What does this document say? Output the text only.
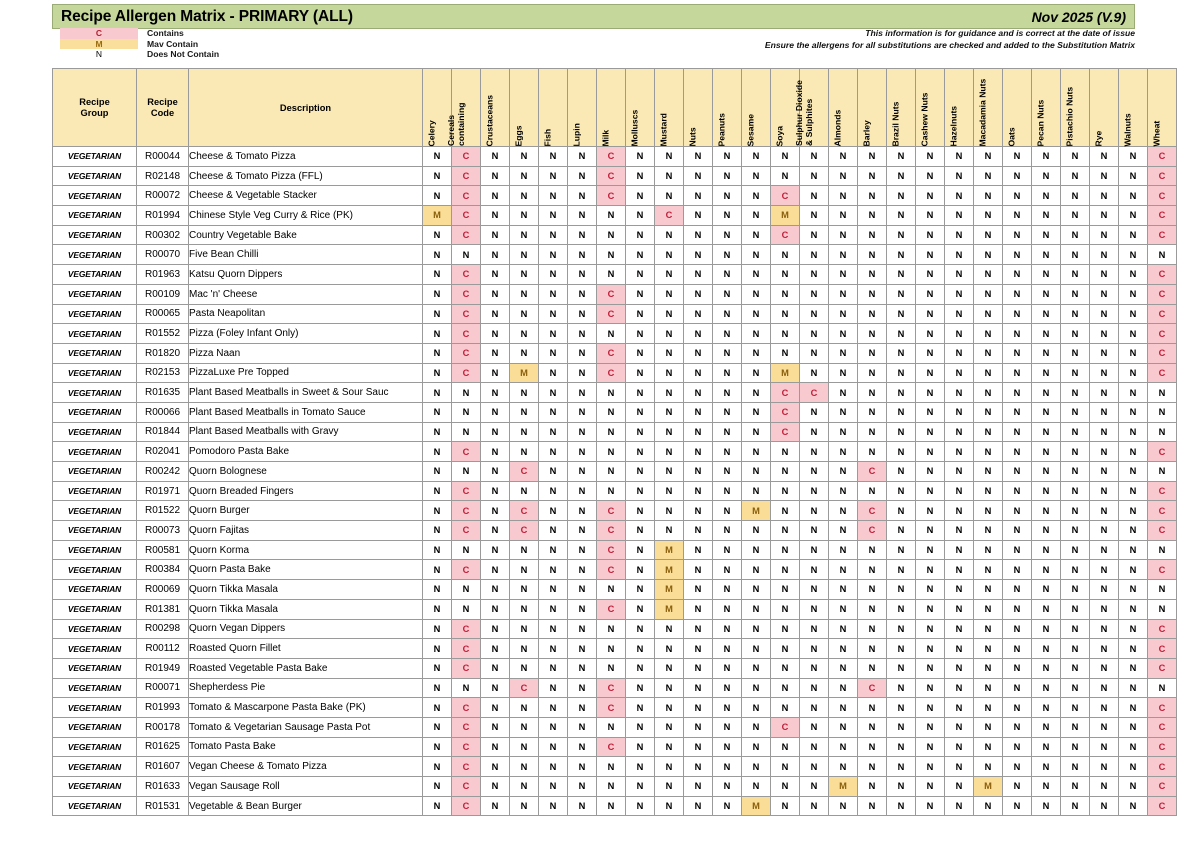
Recipe Allergen Matrix - PRIMARY (ALL)	Nov 2025 (V.9)
C	Contains
M	Mav Contain
N	Does Not Contain
This information is for guidance and is correct at the date of issue
Ensure the allergens for all substitutions are checked and added to the Substitution Matrix
Recipe
Group

Recipe
Code	Description	
Celery	Cereals containing	Crustaceans	Eggs	Fish	Lupin	Milk	Molluscs	Mustard	Nuts	Peanuts	Sesame	Soya	Sulphur Dioxide & Sulphites	Almonds	Barley	Brazil Nuts	Cashew Nuts	Hazelnuts	Macadamia Nuts	Oats	Pecan Nuts	Pistachio Nuts	Rye	Walnuts	Wheat

VEGETARIAN	R00044	Cheese & Tomato Pizza	N	C	N	N	N	N	C	N	N	N	N	N	N	N	N	N	N	N	N	N	N	N	N	N	N	C
VEGETARIAN	R02148	Cheese & Tomato Pizza (FFL)	N	C	N	N	N	N	C	N	N	N	N	N	N	N	N	N	N	N	N	N	N	N	N	N	N	C
VEGETARIAN	R00072	Cheese & Vegetable Stacker	N	C	N	N	N	N	C	N	N	N	N	N	C	N	N	N	N	N	N	N	N	N	N	N	N	C
VEGETARIAN	R01994	Chinese Style Veg Curry & Rice (PK)	M	C	N	N	N	N	N	N	C	N	N	N	M	N	N	N	N	N	N	N	N	N	N	N	N	C
VEGETARIAN	R00302	Country Vegetable Bake	N	C	N	N	N	N	N	N	N	N	N	N	C	N	N	N	N	N	N	N	N	N	N	N	N	C
VEGETARIAN	R00070	Five Bean Chilli	N	N	N	N	N	N	N	N	N	N	N	N	N	N	N	N	N	N	N	N	N	N	N	N	N	N
VEGETARIAN	R01963	Katsu Quorn Dippers	N	C	N	N	N	N	N	N	N	N	N	N	N	N	N	N	N	N	N	N	N	N	N	N	N	C
VEGETARIAN	R00109	Mac 'n' Cheese	N	C	N	N	N	N	C	N	N	N	N	N	N	N	N	N	N	N	N	N	N	N	N	N	N	C
VEGETARIAN	R00065	Pasta Neapolitan	N	C	N	N	N	N	C	N	N	N	N	N	N	N	N	N	N	N	N	N	N	N	N	N	N	C
VEGETARIAN	R01552	Pizza (Foley Infant Only)	N	C	N	N	N	N	N	N	N	N	N	N	N	N	N	N	N	N	N	N	N	N	N	N	N	C
VEGETARIAN	R01820	Pizza Naan	N	C	N	N	N	N	C	N	N	N	N	N	N	N	N	N	N	N	N	N	N	N	N	N	N	C
VEGETARIAN	R02153	PizzaLuxe Pre Topped	N	C	N	M	N	N	C	N	N	N	N	N	M	N	N	N	N	N	N	N	N	N	N	N	N	C
VEGETARIAN	R01635	Plant Based Meatballs in Sweet & Sour Sauc	N	N	N	N	N	N	N	N	N	N	N	N	C	C	N	N	N	N	N	N	N	N	N	N	N	N
VEGETARIAN	R00066	Plant Based Meatballs in Tomato Sauce	N	N	N	N	N	N	N	N	N	N	N	N	C	N	N	N	N	N	N	N	N	N	N	N	N	N
VEGETARIAN	R01844	Plant Based Meatballs with Gravy	N	N	N	N	N	N	N	N	N	N	N	N	C	N	N	N	N	N	N	N	N	N	N	N	N	N
VEGETARIAN	R02041	Pomodoro Pasta Bake	N	C	N	N	N	N	N	N	N	N	N	N	N	N	N	N	N	N	N	N	N	N	N	N	N	C
VEGETARIAN	R00242	Quorn Bolognese	N	N	N	C	N	N	N	N	N	N	N	N	N	N	N	C	N	N	N	N	N	N	N	N	N	N
VEGETARIAN	R01971	Quorn Breaded Fingers	N	C	N	N	N	N	N	N	N	N	N	N	N	N	N	N	N	N	N	N	N	N	N	N	N	C
VEGETARIAN	R01522	Quorn Burger	N	C	N	C	N	N	C	N	N	N	N	M	N	N	N	C	N	N	N	N	N	N	N	N	N	C
VEGETARIAN	R00073	Quorn Fajitas	N	C	N	C	N	N	C	N	N	N	N	N	N	N	N	C	N	N	N	N	N	N	N	N	N	C
VEGETARIAN	R00581	Quorn Korma	N	N	N	N	N	N	C	N	M	N	N	N	N	N	N	N	N	N	N	N	N	N	N	N	N	N
VEGETARIAN	R00384	Quorn Pasta Bake	N	C	N	N	N	N	C	N	M	N	N	N	N	N	N	N	N	N	N	N	N	N	N	N	N	C
VEGETARIAN	R00069	Quorn Tikka Masala	N	N	N	N	N	N	N	N	M	N	N	N	N	N	N	N	N	N	N	N	N	N	N	N	N	N
VEGETARIAN	R01381	Quorn Tikka Masala	N	N	N	N	N	N	C	N	M	N	N	N	N	N	N	N	N	N	N	N	N	N	N	N	N	N
VEGETARIAN	R00298	Quorn Vegan Dippers	N	C	N	N	N	N	N	N	N	N	N	N	N	N	N	N	N	N	N	N	N	N	N	N	N	C
VEGETARIAN	R00112	Roasted Quorn Fillet	N	C	N	N	N	N	N	N	N	N	N	N	N	N	N	N	N	N	N	N	N	N	N	N	N	C
VEGETARIAN	R01949	Roasted Vegetable Pasta Bake	N	C	N	N	N	N	N	N	N	N	N	N	N	N	N	N	N	N	N	N	N	N	N	N	N	C
VEGETARIAN	R00071	Shepherdess Pie	N	N	N	C	N	N	C	N	N	N	N	N	N	N	N	C	N	N	N	N	N	N	N	N	N	N
VEGETARIAN	R01993	Tomato & Mascarpone Pasta Bake (PK)	N	C	N	N	N	N	C	N	N	N	N	N	N	N	N	N	N	N	N	N	N	N	N	N	N	C
VEGETARIAN	R00178	Tomato & Vegetarian Sausage Pasta Pot	N	C	N	N	N	N	N	N	N	N	N	N	C	N	N	N	N	N	N	N	N	N	N	N	N	C
VEGETARIAN	R01625	Tomato Pasta Bake	N	C	N	N	N	N	C	N	N	N	N	N	N	N	N	N	N	N	N	N	N	N	N	N	N	C
VEGETARIAN	R01607	Vegan Cheese & Tomato Pizza	N	C	N	N	N	N	N	N	N	N	N	N	N	N	N	N	N	N	N	N	N	N	N	N	N	C
VEGETARIAN	R01633	Vegan Sausage Roll	N	C	N	N	N	N	N	N	N	N	N	N	N	N	M	N	N	N	N	M	N	N	N	N	N	C
VEGETARIAN	R01531	Vegetable & Bean Burger	N	C	N	N	N	N	N	N	N	N	N	M	N	N	N	N	N	N	N	N	N	N	N	N	N	C
